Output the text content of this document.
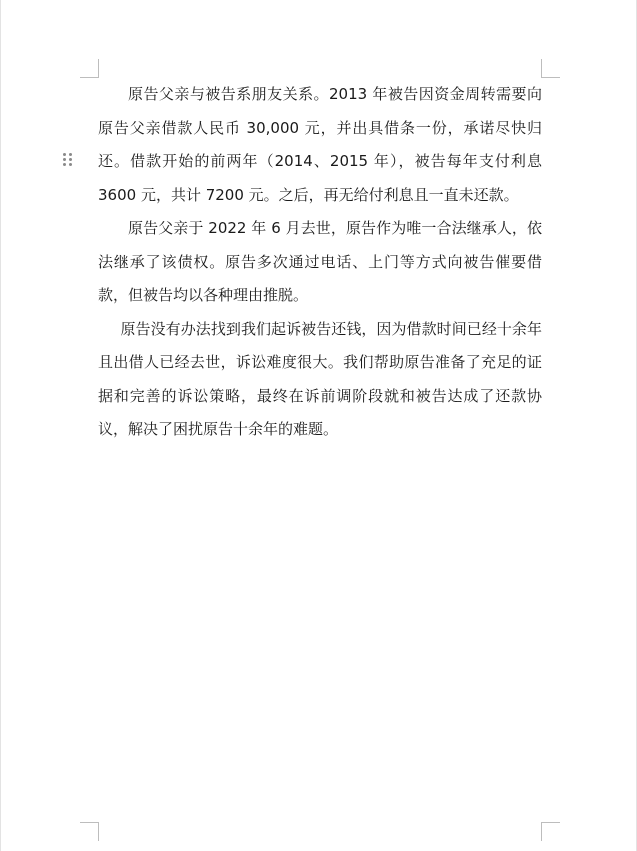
原告父亲与被告系朋友关系。2013 年被告因资金周转需要向原告父亲借款人民币 30,000 元，并出具借条一份，承诺尽快归还。借款开始的前两年（2014、2015 年），被告每年支付利息 3600 元，共计 7200 元。之后，再无给付利息且一直未还款。

原告父亲于 2022 年 6 月去世，原告作为唯一合法继承人，依法继承了该债权。原告多次通过电话、上门等方式向被告催要借款，但被告均以各种理由推脱。

原告没有办法找到我们起诉被告还钱，因为借款时间已经十余年且出借人已经去世，诉讼难度很大。我们帮助原告准备了充足的证据和完善的诉讼策略，最终在诉前调阶段就和被告达成了还款协议，解决了困扰原告十余年的难题。
